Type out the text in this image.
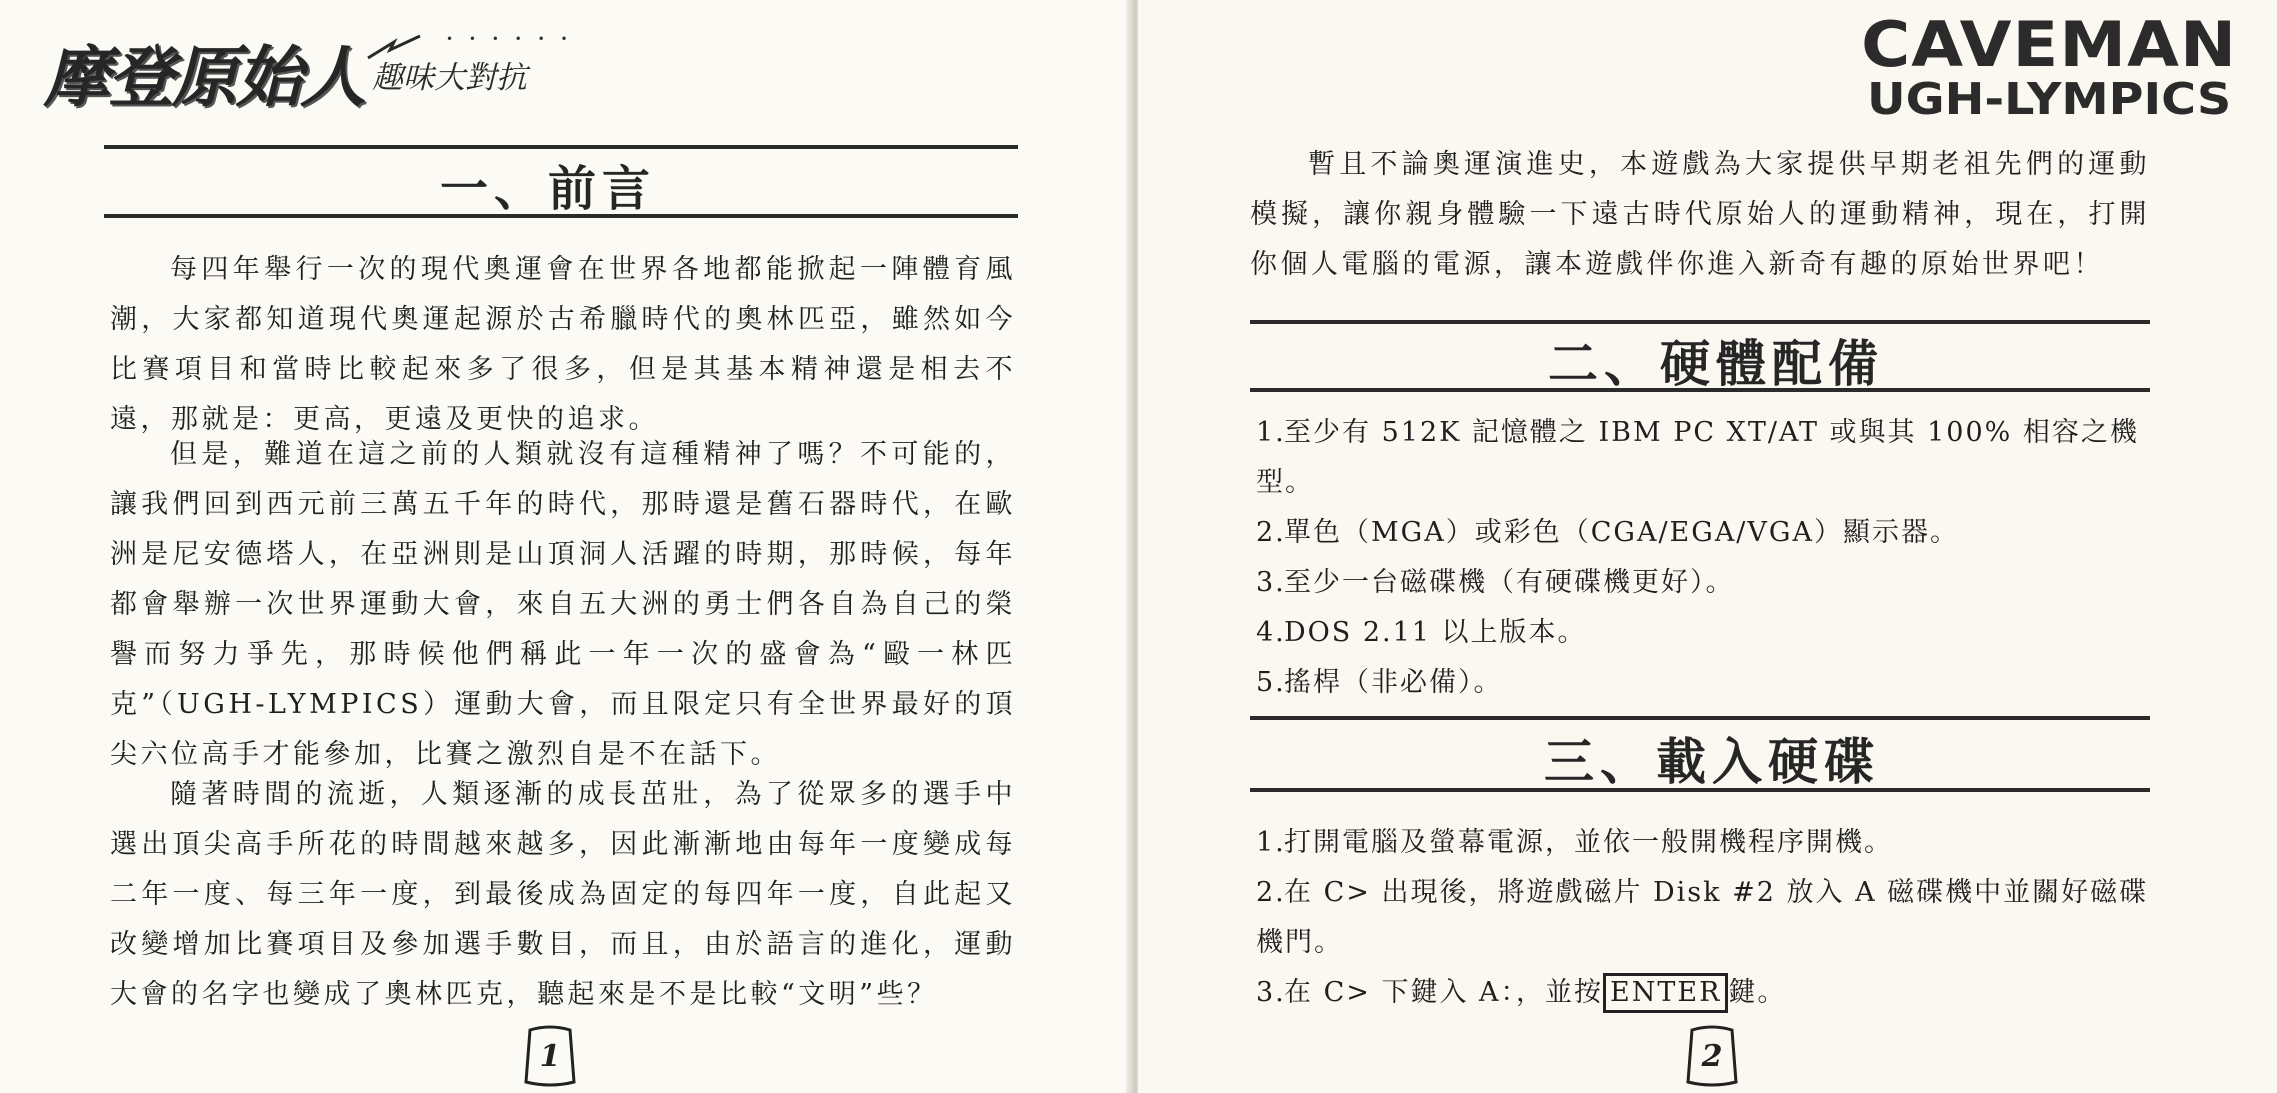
摩登原始人	• • • • • •
趣味大對抗
一、前言

每四年舉行一次的現代奧運會在世界各地都能掀起一陣體育風潮，大家都知道現代奧運起源於古希臘時代的奧林匹亞，雖然如今比賽項目和當時比較起來多了很多，但是其基本精神還是相去不遠，那就是：更高，更遠及更快的追求。

但是，難道在這之前的人類就沒有這種精神了嗎？不可能的，讓我們回到西元前三萬五千年的時代，那時還是舊石器時代，在歐洲是尼安德塔人，在亞洲則是山頂洞人活躍的時期，那時候，每年都會舉辦一次世界運動大會，來自五大洲的勇士們各自為自己的榮譽而努力爭先，那時候他們稱此一年一次的盛會為“毆一林匹克”（UGH-LYMPICS）運動大會，而且限定只有全世界最好的頂尖六位高手才能參加，比賽之激烈自是不在話下。

隨著時間的流逝，人類逐漸的成長茁壯，為了從眾多的選手中選出頂尖高手所花的時間越來越多，因此漸漸地由每年一度變成每二年一度、每三年一度，到最後成為固定的每四年一度，自此起又改變增加比賽項目及參加選手數目，而且，由於語言的進化，運動大會的名字也變成了奧林匹克，聽起來是不是比較“文明”些？

1
CAVEMAN
UGH-LYMPICS

暫且不論奧運演進史，本遊戲為大家提供早期老祖先們的運動模擬，讓你親身體驗一下遠古時代原始人的運動精神，現在，打開你個人電腦的電源，讓本遊戲伴你進入新奇有趣的原始世界吧！

二、硬體配備
1.至少有 512K 記憶體之 IBM PC XT/AT 或與其 100% 相容之機型。
2.單色（MGA）或彩色（CGA/EGA/VGA）顯示器。
3.至少一台磁碟機（有硬碟機更好）。
4.DOS 2.11 以上版本。
5.搖桿（非必備）。
三、載入硬碟
1.打開電腦及螢幕電源，並依一般開機程序開機。
2.在 C> 出現後，將遊戲磁片 Disk #2 放入 A 磁碟機中並關好磁碟機門。
3.在 C> 下鍵入 A：，並按 ENTER 鍵。
2
